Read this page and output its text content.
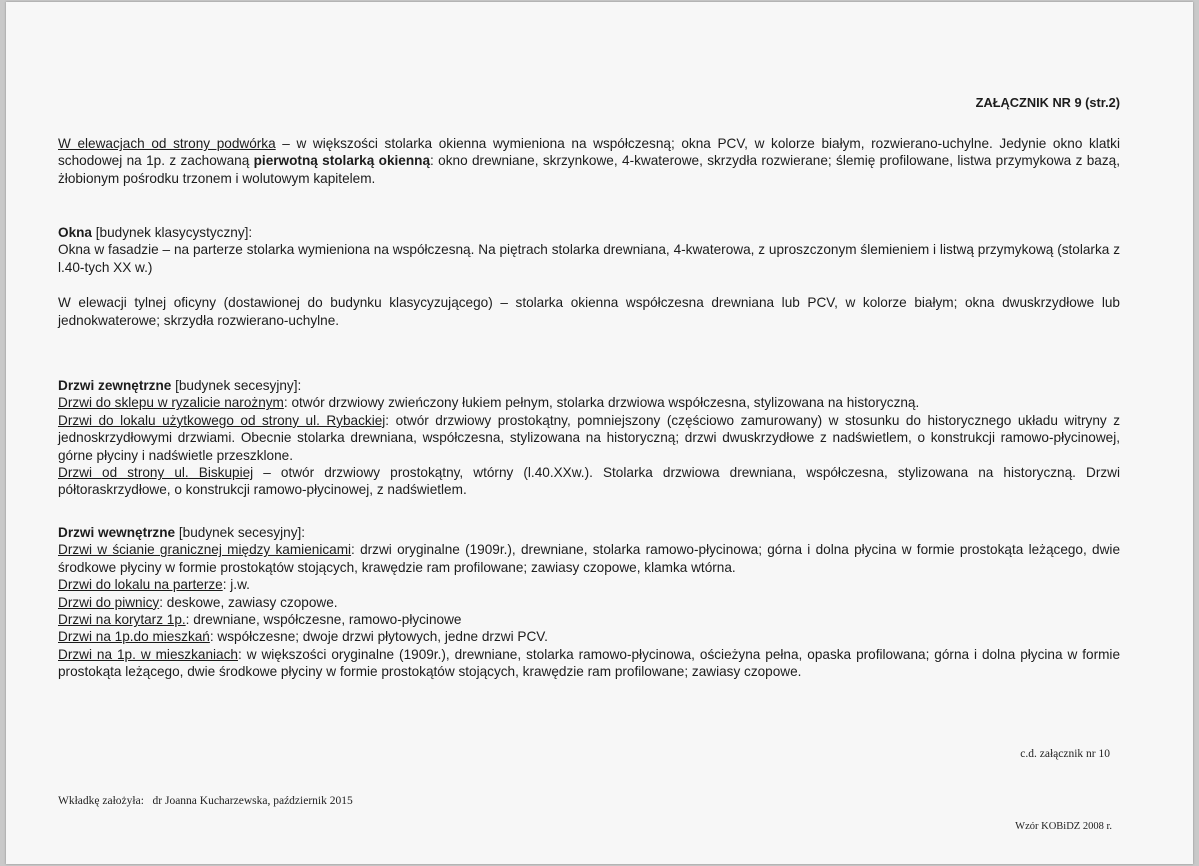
ZAŁĄCZNIK NR 9 (str.2)

W elewacjach od strony podwórka – w większości stolarka okienna wymieniona na współczesną; okna PCV, w kolorze białym, rozwierano-uchylne. Jedynie okno klatki schodowej na 1p. z zachowaną pierwotną stolarką okienną: okno drewniane, skrzynkowe, 4-kwaterowe, skrzydła rozwierane; ślemię profilowane, listwa przymykowa z bazą, żłobionym pośrodku trzonem i wolutowym kapitelem.

Okna [budynek klasycystyczny]:

Okna w fasadzie – na parterze stolarka wymieniona na współczesną. Na piętrach stolarka drewniana, 4-kwaterowa, z uproszczonym ślemieniem i listwą przymykową (stolarka z l.40-tych XX w.)

W elewacji tylnej oficyny (dostawionej do budynku klasycyzującego) – stolarka okienna współczesna drewniana lub PCV, w kolorze białym; okna dwuskrzydłowe lub jednokwaterowe; skrzydła rozwierano-uchylne.

Drzwi zewnętrzne [budynek secesyjny]:

Drzwi do sklepu w ryzalicie narożnym: otwór drzwiowy zwieńczony łukiem pełnym, stolarka drzwiowa współczesna, stylizowana na historyczną.

Drzwi do lokalu użytkowego od strony ul. Rybackiej: otwór drzwiowy prostokątny, pomniejszony (częściowo zamurowany) w stosunku do historycznego układu witryny z jednoskrzydłowymi drzwiami. Obecnie stolarka drewniana, współczesna, stylizowana na historyczną; drzwi dwuskrzydłowe z nadświetlem, o konstrukcji ramowo-płycinowej, górne płyciny i nadświetle przeszklone.

Drzwi od strony ul. Biskupiej – otwór drzwiowy prostokątny, wtórny (l.40.XXw.). Stolarka drzwiowa drewniana, współczesna, stylizowana na historyczną. Drzwi półtoraskrzydłowe, o konstrukcji ramowo-płycinowej, z nadświetlem.

Drzwi wewnętrzne [budynek secesyjny]:

Drzwi w ścianie granicznej między kamienicami: drzwi oryginalne (1909r.), drewniane, stolarka ramowo-płycinowa; górna i dolna płycina w formie prostokąta leżącego, dwie środkowe płyciny w formie prostokątów stojących, krawędzie ram profilowane; zawiasy czopowe, klamka wtórna.

Drzwi do lokalu na parterze: j.w.

Drzwi do piwnicy: deskowe, zawiasy czopowe.

Drzwi na korytarz 1p.: drewniane, współczesne, ramowo-płycinowe

Drzwi na 1p.do mieszkań: współczesne; dwoje drzwi płytowych, jedne drzwi PCV.

Drzwi na 1p. w mieszkaniach: w większości oryginalne (1909r.), drewniane, stolarka ramowo-płycinowa, ościeżyna pełna, opaska profilowana; górna i dolna płycina w formie prostokąta leżącego, dwie środkowe płyciny w formie prostokątów stojących, krawędzie ram profilowane; zawiasy czopowe.

c.d. załącznik nr 10
Wkładkę założyła:   dr Joanna Kucharzewska, październik 2015
Wzór KOBiDZ 2008 r.
